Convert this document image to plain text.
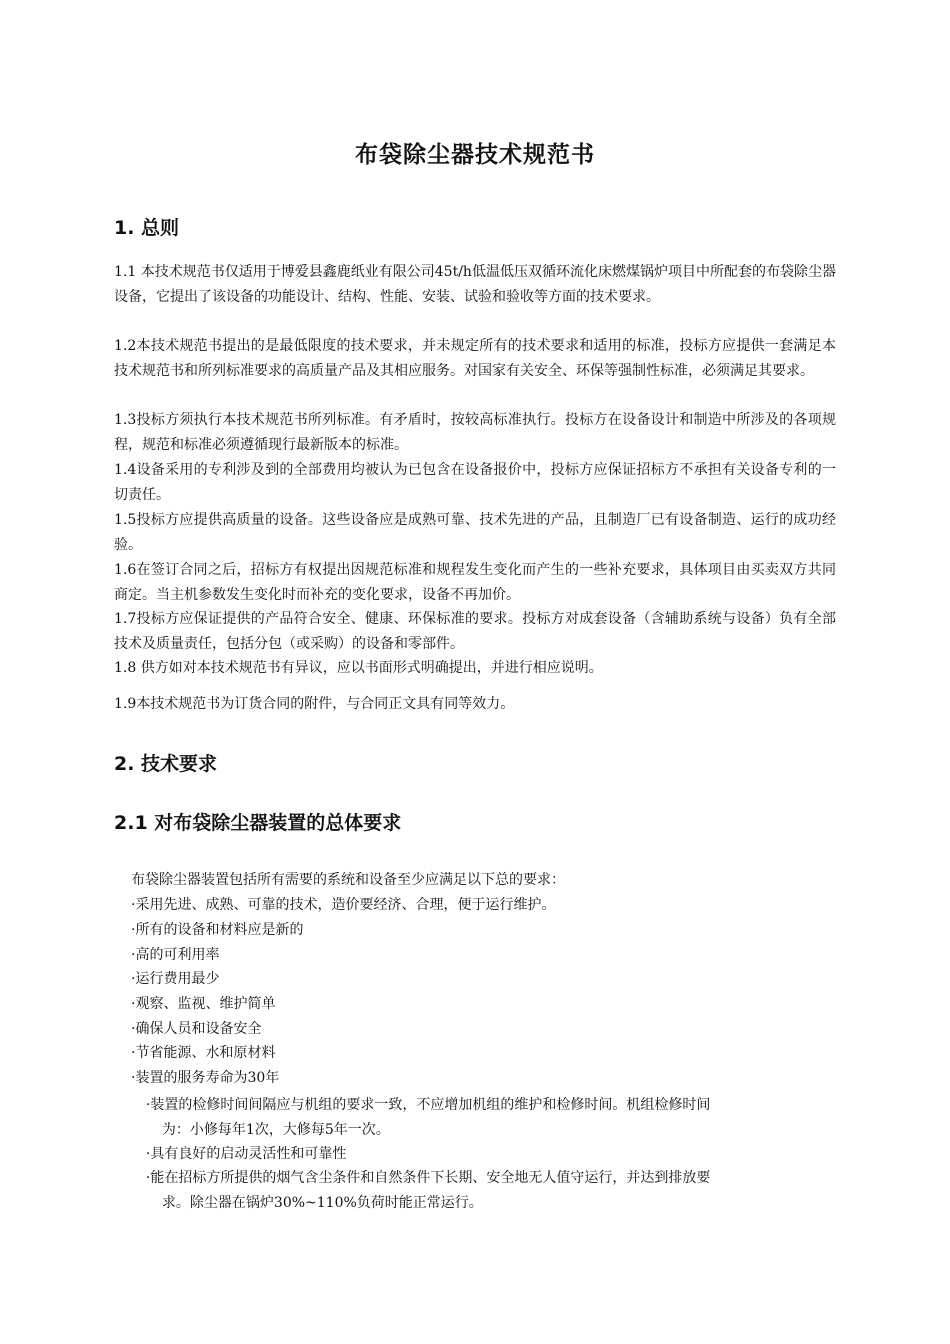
布袋除尘器技术规范书
1. 总则
1.1 本技术规范书仅适用于博爱县鑫鹿纸业有限公司45t/h低温低压双循环流化床燃煤锅炉项目中所配套的布袋除尘器设备，它提出了该设备的功能设计、结构、性能、安装、试验和验收等方面的技术要求。
1.2本技术规范书提出的是最低限度的技术要求，并未规定所有的技术要求和适用的标准，投标方应提供一套满足本技术规范书和所列标准要求的高质量产品及其相应服务。对国家有关安全、环保等强制性标准，必须满足其要求。
1.3投标方须执行本技术规范书所列标准。有矛盾时，按较高标准执行。投标方在设备设计和制造中所涉及的各项规程，规范和标准必须遵循现行最新版本的标准。
1.4设备采用的专利涉及到的全部费用均被认为已包含在设备报价中，投标方应保证招标方不承担有关设备专利的一切责任。
1.5投标方应提供高质量的设备。这些设备应是成熟可靠、技术先进的产品，且制造厂已有设备制造、运行的成功经验。
1.6在签订合同之后，招标方有权提出因规范标准和规程发生变化而产生的一些补充要求，具体项目由买卖双方共同商定。当主机参数发生变化时而补充的变化要求，设备不再加价。
1.7投标方应保证提供的产品符合安全、健康、环保标准的要求。投标方对成套设备（含辅助系统与设备）负有全部技术及质量责任，包括分包（或采购）的设备和零部件。
1.8 供方如对本技术规范书有异议，应以书面形式明确提出，并进行相应说明。
1.9本技术规范书为订货合同的附件，与合同正文具有同等效力。
2. 技术要求
2.1 对布袋除尘器装置的总体要求
布袋除尘器装置包括所有需要的系统和设备至少应满足以下总的要求：
·采用先进、成熟、可靠的技术，造价要经济、合理，便于运行维护。
·所有的设备和材料应是新的
·高的可利用率
·运行费用最少
·观察、监视、维护简单
·确保人员和设备安全
·节省能源、水和原材料
·装置的服务寿命为30年
·装置的检修时间间隔应与机组的要求一致，不应增加机组的维护和检修时间。机组检修时间
为：小修每年1次，大修每5年一次。
·具有良好的启动灵活性和可靠性
·能在招标方所提供的烟气含尘条件和自然条件下长期、安全地无人值守运行，并达到排放要
求。除尘器在锅炉30%~110%负荷时能正常运行。
